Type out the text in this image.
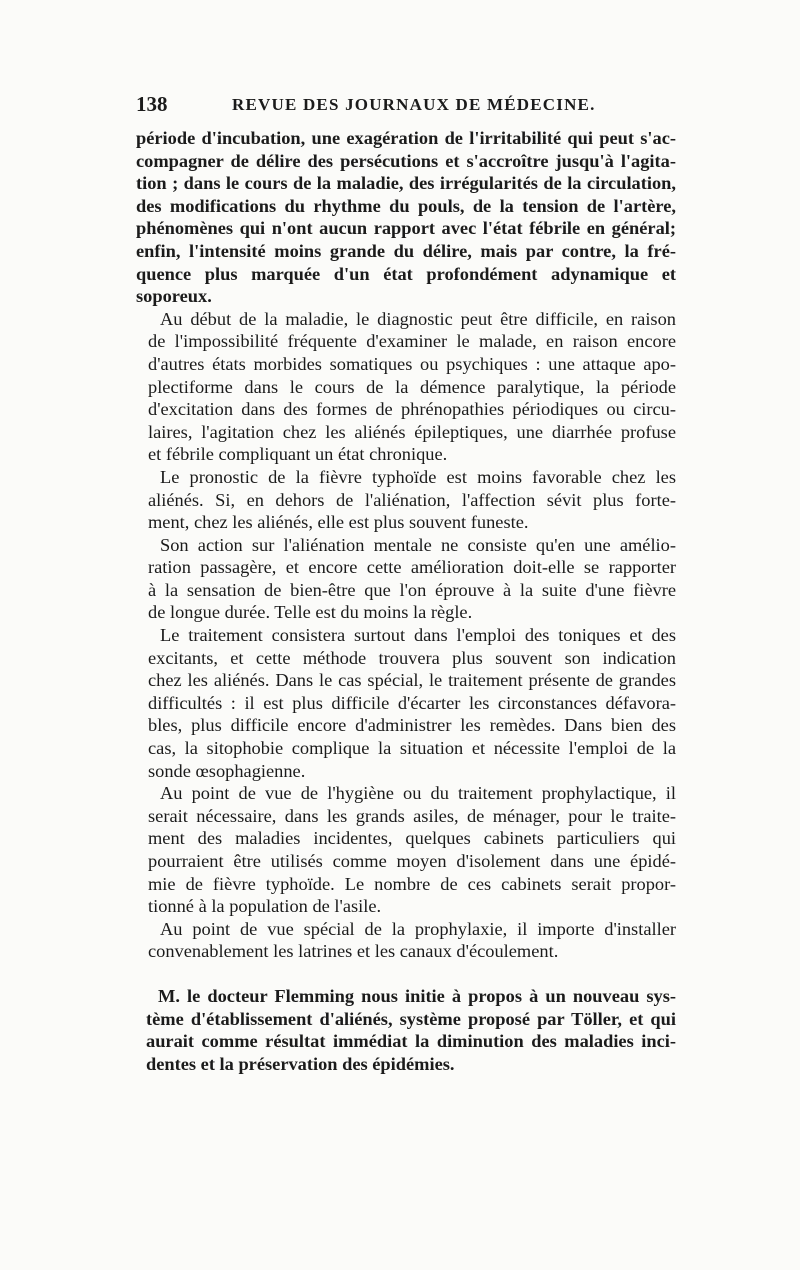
138	REVUE DES JOURNAUX DE MÉDECINE.
période d'incubation, une exagération de l'irritabilité qui peut s'ac-
compagner de délire des persécutions et s'accroître jusqu'à l'agita-
tion ; dans le cours de la maladie, des irrégularités de la circulation,
des modifications du rhythme du pouls, de la tension de l'artère,
phénomènes qui n'ont aucun rapport avec l'état fébrile en général;
enfin, l'intensité moins grande du délire, mais par contre, la fré-
quence plus marquée d'un état profondément adynamique et
soporeux.
Au début de la maladie, le diagnostic peut être difficile, en raison
de l'impossibilité fréquente d'examiner le malade, en raison encore
d'autres états morbides somatiques ou psychiques : une attaque apo-
plectiforme dans le cours de la démence paralytique, la période
d'excitation dans des formes de phrénopathies périodiques ou circu-
laires, l'agitation chez les aliénés épileptiques, une diarrhée profuse
et fébrile compliquant un état chronique.
Le pronostic de la fièvre typhoïde est moins favorable chez les
aliénés. Si, en dehors de l'aliénation, l'affection sévit plus forte-
ment, chez les aliénés, elle est plus souvent funeste.
Son action sur l'aliénation mentale ne consiste qu'en une amélio-
ration passagère, et encore cette amélioration doit-elle se rapporter
à la sensation de bien-être que l'on éprouve à la suite d'une fièvre
de longue durée. Telle est du moins la règle.
Le traitement consistera surtout dans l'emploi des toniques et des
excitants, et cette méthode trouvera plus souvent son indication
chez les aliénés. Dans le cas spécial, le traitement présente de grandes
difficultés : il est plus difficile d'écarter les circonstances défavora-
bles, plus difficile encore d'administrer les remèdes. Dans bien des
cas, la sitophobie complique la situation et nécessite l'emploi de la
sonde œsophagienne.
Au point de vue de l'hygiène ou du traitement prophylactique, il
serait nécessaire, dans les grands asiles, de ménager, pour le traite-
ment des maladies incidentes, quelques cabinets particuliers qui
pourraient être utilisés comme moyen d'isolement dans une épidé-
mie de fièvre typhoïde. Le nombre de ces cabinets serait propor-
tionné à la population de l'asile.
Au point de vue spécial de la prophylaxie, il importe d'installer
convenablement les latrines et les canaux d'écoulement.
M. le docteur Flemming nous initie à propos à un nouveau sys-
tème d'établissement d'aliénés, système proposé par Töller, et qui
aurait comme résultat immédiat la diminution des maladies inci-
dentes et la préservation des épidémies.
